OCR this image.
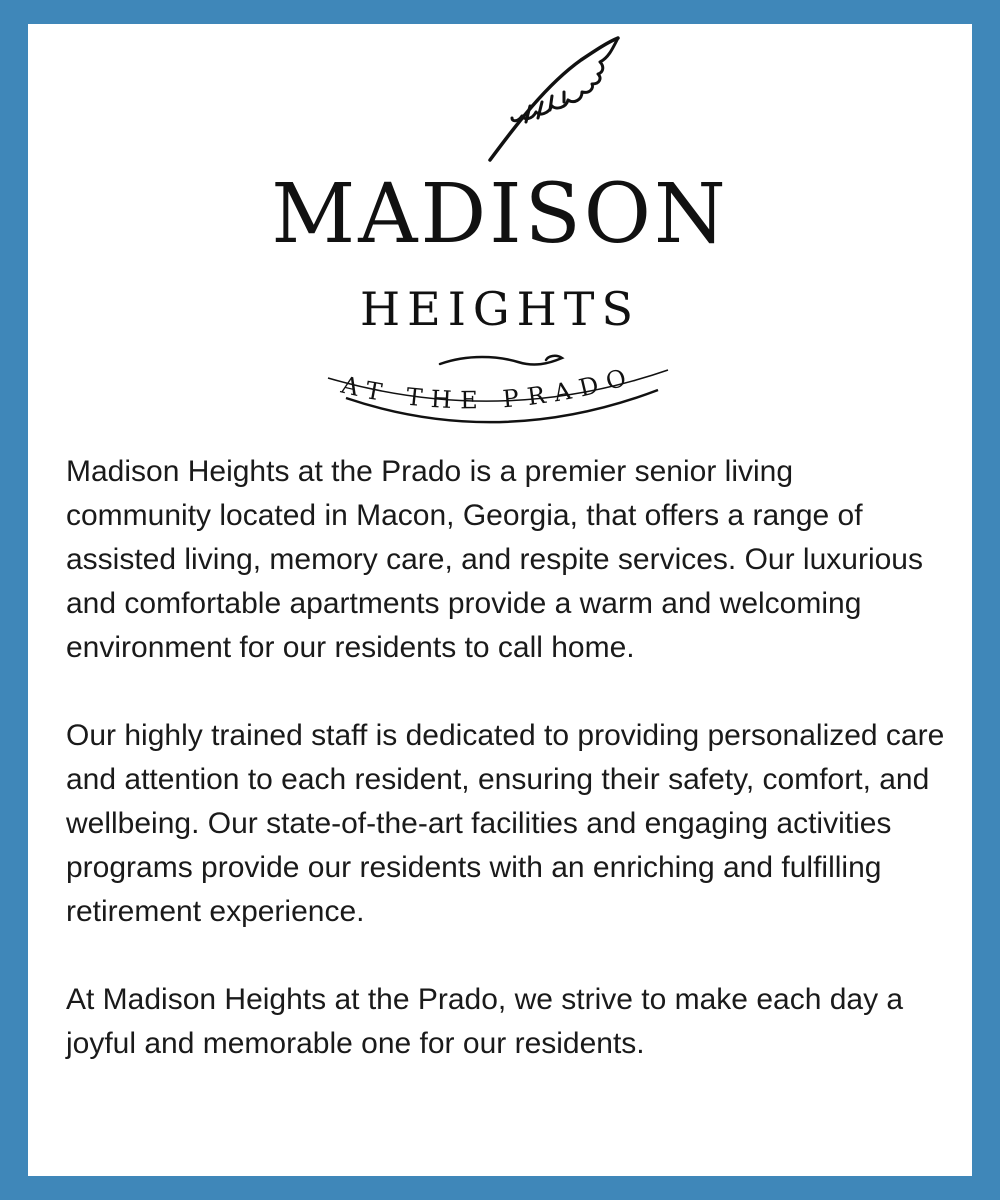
MADISON
HEIGHTS
AT THE PRADO

Madison Heights at the Prado is a premier senior living community located in Macon, Georgia, that offers a range of assisted living, memory care, and respite services. Our luxurious and comfortable apartments provide a warm and welcoming environment for our residents to call home.

Our highly trained staff is dedicated to providing personalized care and attention to each resident, ensuring their safety, comfort, and wellbeing. Our state-of-the-art facilities and engaging activities programs provide our residents with an enriching and fulfilling retirement experience.

At Madison Heights at the Prado, we strive to make each day a joyful and memorable one for our residents.
